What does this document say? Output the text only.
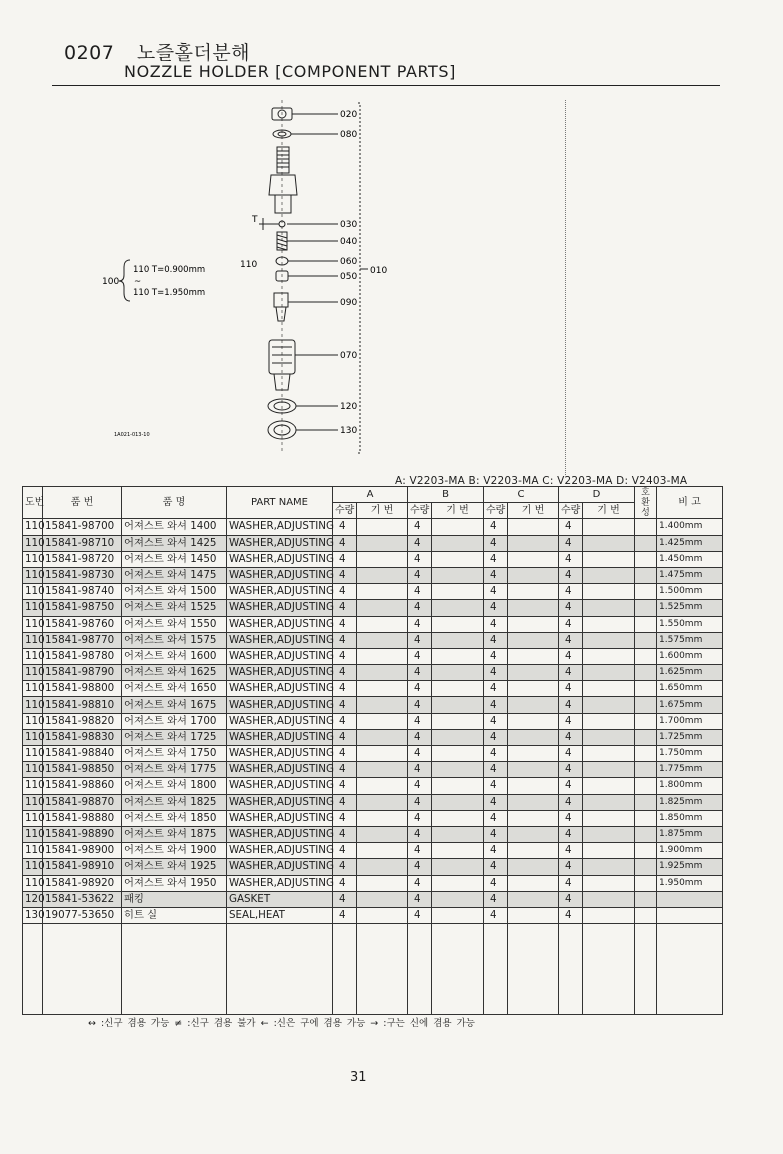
0207 노즐홀더분해
NOZZLE HOLDER [COMPONENT PARTS]
020
080
030
040
060
050
090
070
120
130
010
T
110
100
110 T=0.900mm
~
110 T=1.950mm
1A021-013-10
A: V2203-MA B: V2203-MA C: V2203-MA D: V2403-MA
도번	품 번	품 명	PART NAME	A		B		C		D		호환성	비 고
				수량	기 번	수량	기 번	수량	기 번	수량	기 번		
110	15841-98700	어져스트 와셔 1400	WASHER,ADJUSTING	4		4		4		4			1.400mm
110	15841-98710	어져스트 와셔 1425	WASHER,ADJUSTING	4		4		4		4			1.425mm
110	15841-98720	어져스트 와셔 1450	WASHER,ADJUSTING	4		4		4		4			1.450mm
110	15841-98730	어져스트 와셔 1475	WASHER,ADJUSTING	4		4		4		4			1.475mm
110	15841-98740	어져스트 와셔 1500	WASHER,ADJUSTING	4		4		4		4			1.500mm
110	15841-98750	어져스트 와셔 1525	WASHER,ADJUSTING	4		4		4		4			1.525mm
110	15841-98760	어져스트 와셔 1550	WASHER,ADJUSTING	4		4		4		4			1.550mm
110	15841-98770	어져스트 와셔 1575	WASHER,ADJUSTING	4		4		4		4			1.575mm
110	15841-98780	어져스트 와셔 1600	WASHER,ADJUSTING	4		4		4		4			1.600mm
110	15841-98790	어져스트 와셔 1625	WASHER,ADJUSTING	4		4		4		4			1.625mm
110	15841-98800	어져스트 와셔 1650	WASHER,ADJUSTING	4		4		4		4			1.650mm
110	15841-98810	어져스트 와셔 1675	WASHER,ADJUSTING	4		4		4		4			1.675mm
110	15841-98820	어져스트 와셔 1700	WASHER,ADJUSTING	4		4		4		4			1.700mm
110	15841-98830	어져스트 와셔 1725	WASHER,ADJUSTING	4		4		4		4			1.725mm
110	15841-98840	어져스트 와셔 1750	WASHER,ADJUSTING	4		4		4		4			1.750mm
110	15841-98850	어져스트 와셔 1775	WASHER,ADJUSTING	4		4		4		4			1.775mm
110	15841-98860	어져스트 와셔 1800	WASHER,ADJUSTING	4		4		4		4			1.800mm
110	15841-98870	어져스트 와셔 1825	WASHER,ADJUSTING	4		4		4		4			1.825mm
110	15841-98880	어져스트 와셔 1850	WASHER,ADJUSTING	4		4		4		4			1.850mm
110	15841-98890	어져스트 와셔 1875	WASHER,ADJUSTING	4		4		4		4			1.875mm
110	15841-98900	어져스트 와셔 1900	WASHER,ADJUSTING	4		4		4		4			1.900mm
110	15841-98910	어져스트 와셔 1925	WASHER,ADJUSTING	4		4		4		4			1.925mm
110	15841-98920	어져스트 와셔 1950	WASHER,ADJUSTING	4		4		4		4			1.950mm
120	15841-53622	패킹	GASKET	4		4		4		4			
130	19077-53650	히트 실	SEAL,HEAT	4		4		4		4			

↔ :신구 겸용 가능 ≠ :신구 겸용 불가 ← :신은 구에 겸용 가능 → :구는 신에 겸용 가능
31
